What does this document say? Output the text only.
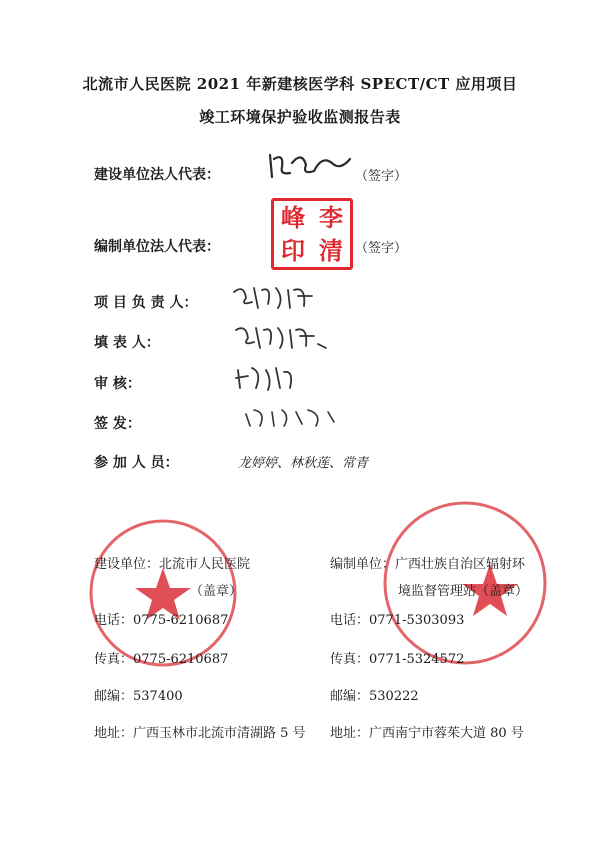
北流市人民医院 2021 年新建核医学科 SPECT/CT 应用项目
竣工环境保护验收监测报告表
建设单位法人代表：	（签字）
编制单位法人代表：
峰 李
印 清 （签字）
项 目 负 责 人：
填 表 人：
审 核：
签 发：
参 加 人 员：	龙婷婷、林秋莲、常青
建设单位：北流市人民医院
（盖章）
电话：0775-6210687
传真：0775-6210687
邮编：537400
地址：广西玉林市北流市清湖路 5 号
编制单位：广西壮族自治区辐射环
境监督管理站（盖章）
电话：0771-5303093
传真：0771-5324572
邮编：530222
地址：广西南宁市蓉茱大道 80 号
